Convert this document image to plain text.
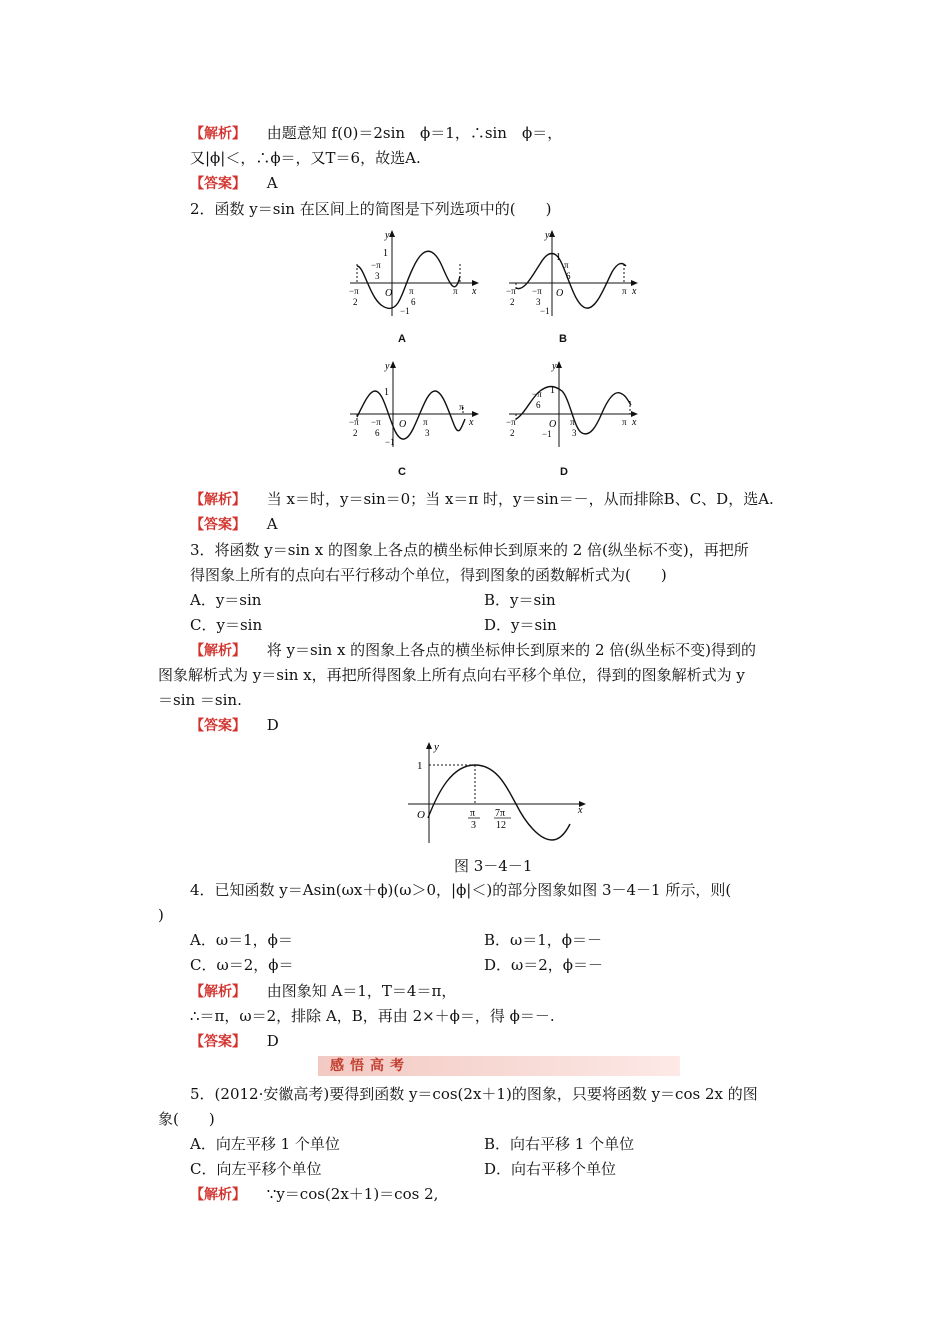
【解析】 由题意知 f(0)＝2sin　ϕ＝1，∴sin　ϕ＝，
又|ϕ|＜，∴ϕ＝，又T＝6，故选A.
【答案】 A
2．函数 y＝sin 在区间上的简图是下列选项中的(　　)
y
1
−π
3
−π
2
O π
6
−1
π x
A
y
1
π
6
−π
2
−π
3
O
−1
π x
B
y
1
−π
2
−π
6
O
−1
π
3
π
x
C
y
−π
6
1
−π
2
O π
3
−1
π x
D
【解析】 当 x＝时，y＝sin＝0；当 x＝π 时，y＝sin＝－，从而排除B、C、D，选A.
【答案】 A
3．将函数 y＝sin x 的图象上各点的横坐标伸长到原来的 2 倍(纵坐标不变)，再把所
得图象上所有的点向右平行移动个单位，得到图象的函数解析式为(　　)
A．y＝sin	B．y＝sin
C．y＝sin	D．y＝sin
【解析】 将 y＝sin x 的图象上各点的横坐标伸长到原来的 2 倍(纵坐标不变)得到的
图象解析式为 y＝sin x，再把所得图象上所有点向右平移个单位，得到的图象解析式为 y
＝sin ＝sin.
【答案】 D
y
1
O	π
3
7π
12
x
图 3－4－1
4．已知函数 y＝Asin(ωx＋ϕ)(ω＞0，|ϕ|＜)的部分图象如图 3－4－1 所示，则(
)
A．ω＝1，ϕ＝	B．ω＝1，ϕ＝－
C．ω＝2，ϕ＝	D．ω＝2，ϕ＝－
【解析】 由图象知 A＝1，T＝4＝π，
∴＝π，ω＝2，排除 A，B，再由 2×＋ϕ＝，得 ϕ＝－.
【答案】 D
感悟高考
5．(2012·安徽高考)要得到函数 y＝cos(2x＋1)的图象，只要将函数 y＝cos 2x 的图
象(　　)
A．向左平移 1 个单位	B．向右平移 1 个单位
C．向左平移个单位	D．向右平移个单位
【解析】 ∵y＝cos(2x＋1)＝cos 2,
